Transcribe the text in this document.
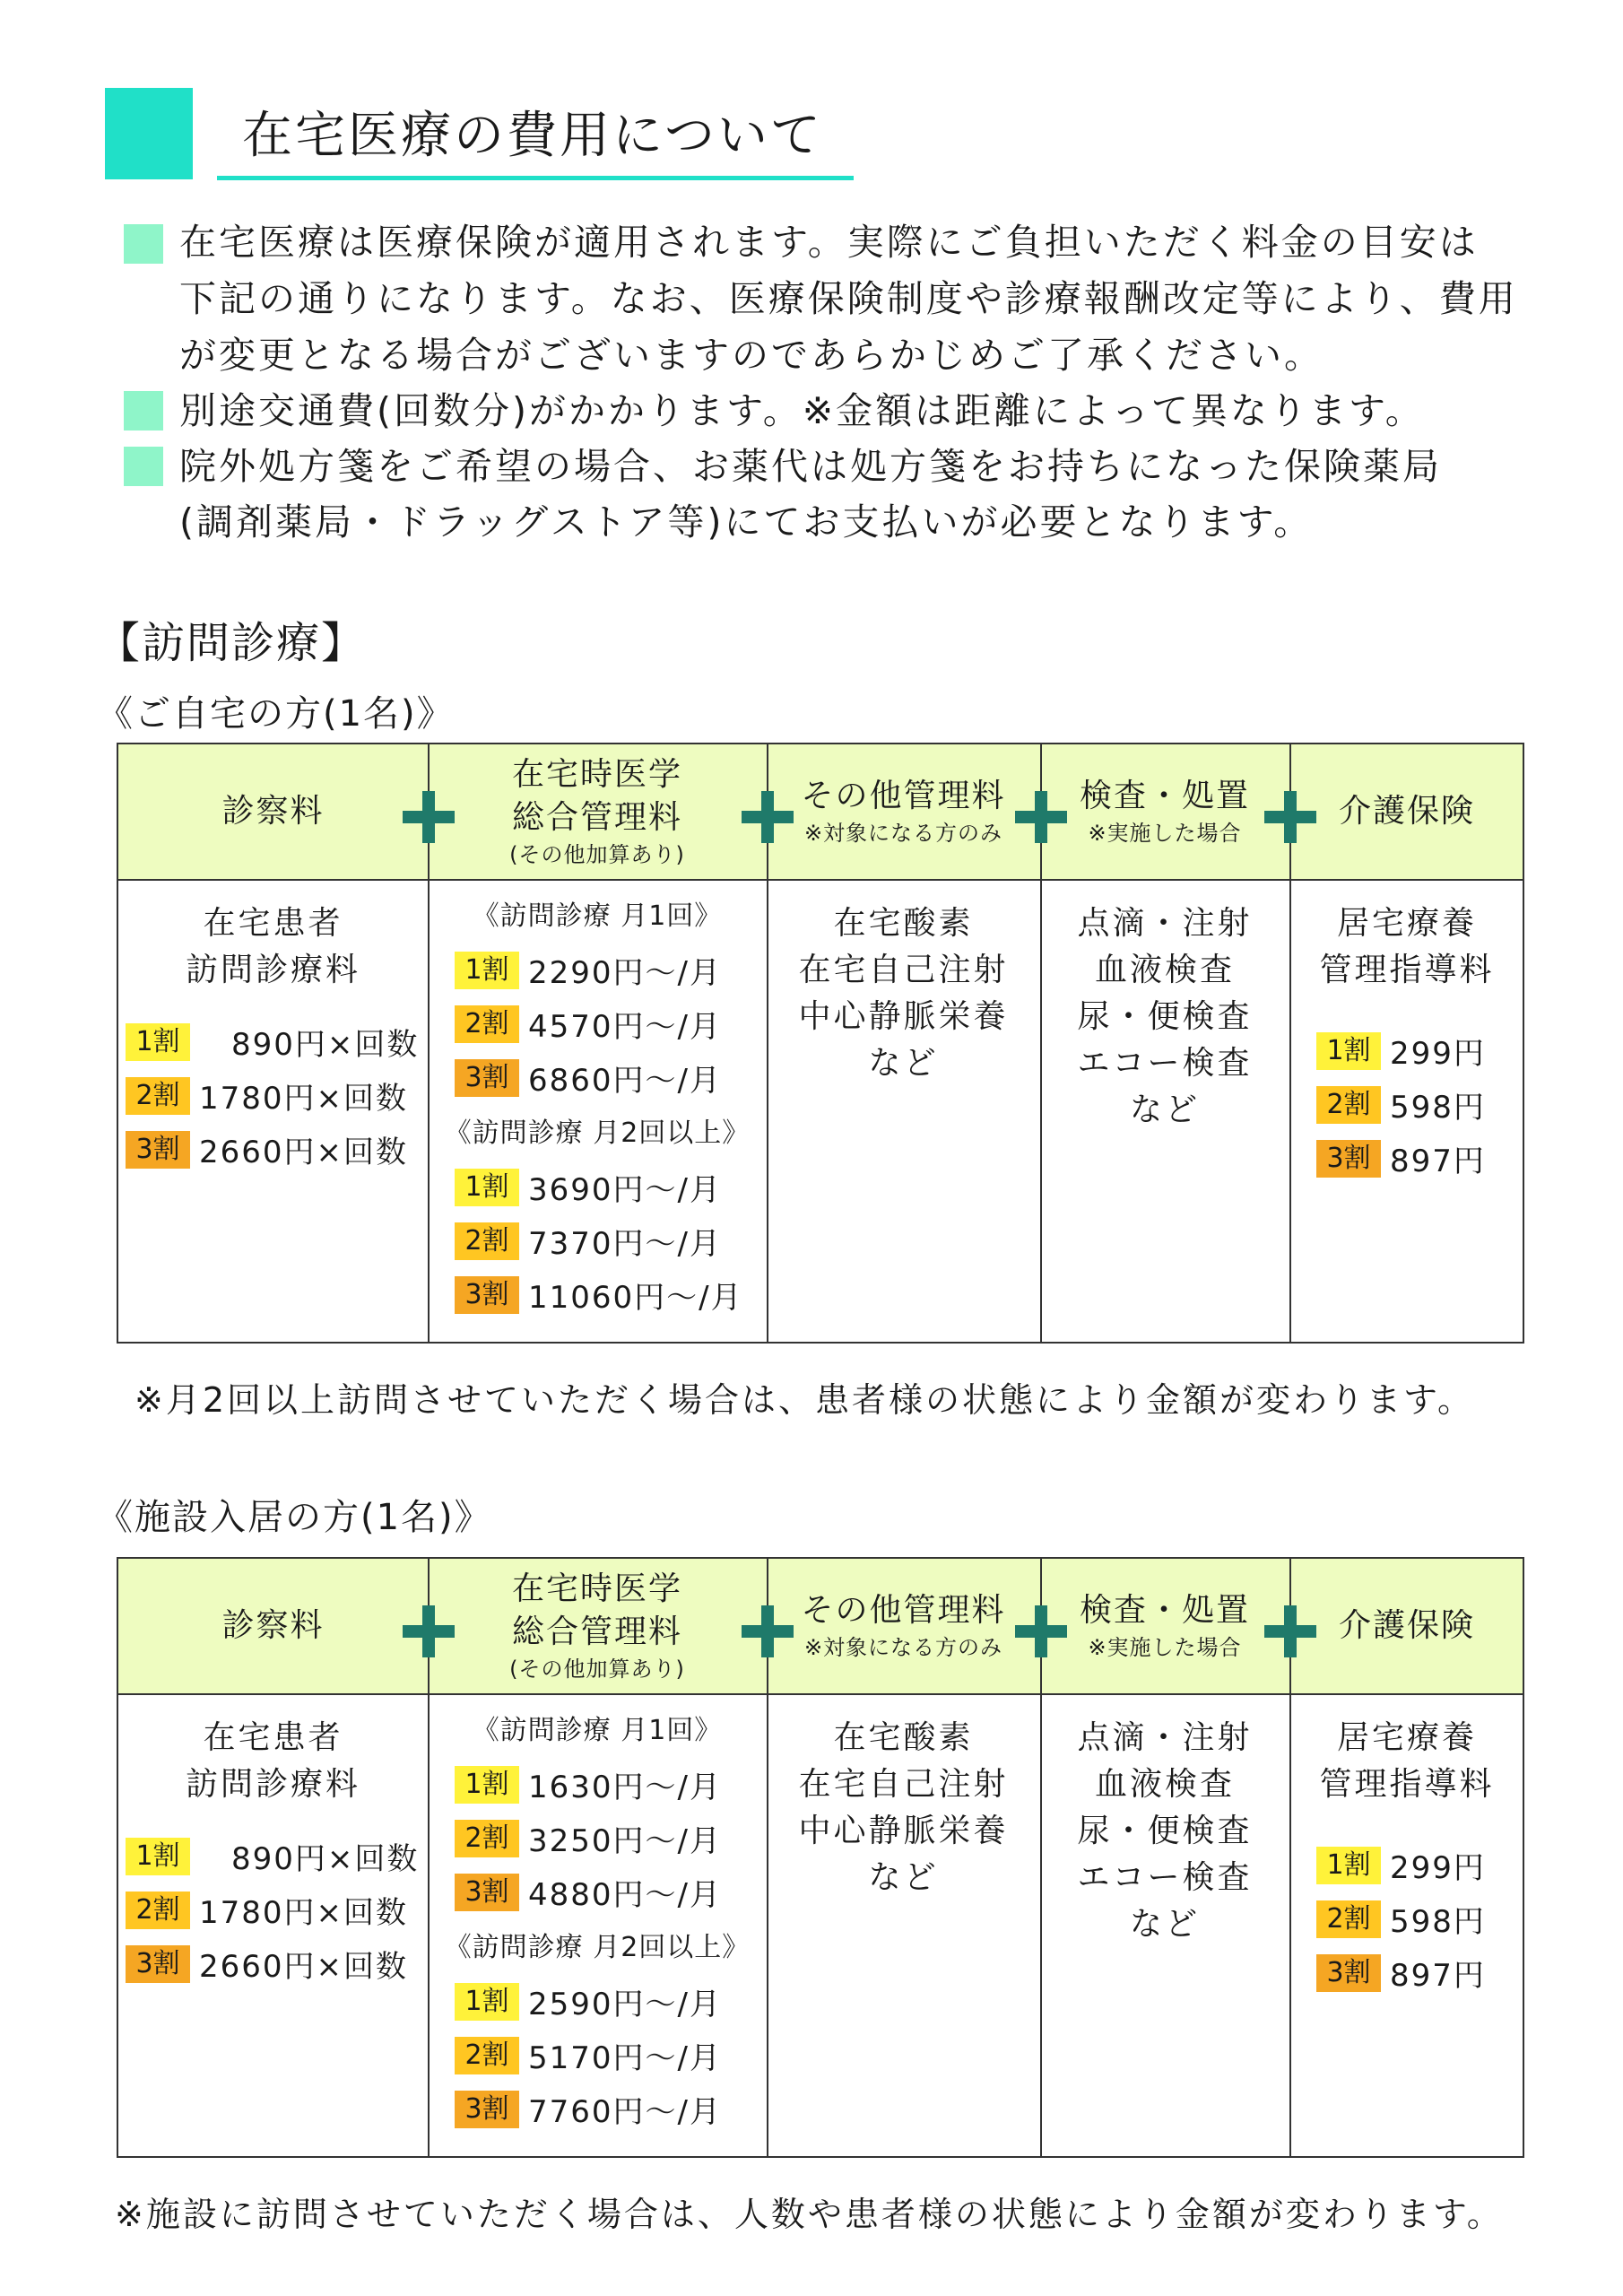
在宅医療の費用について
在宅医療は医療保険が適用されます。実際にご負担いただく料金の目安は
下記の通りになります。なお、医療保険制度や診療報酬改定等により、費用
が変更となる場合がございますのであらかじめご了承ください。
別途交通費(回数分)がかかります。※金額は距離によって異なります。
院外処方箋をご希望の場合、お薬代は処方箋をお持ちになった保険薬局
(調剤薬局・ドラッグストア等)にてお支払いが必要となります。
【訪問診療】
《ご自宅の方(1名)》
診察料
在宅時医学
総合管理料
(その他加算あり)
その他管理料
※対象になる方のみ
検査・処置
※実施した場合
介護保険
在宅患者
訪問診療料
1割 　890円×回数
2割 1780円×回数
3割 2660円×回数
《訪問診療 月1回》
1割 2290円～/月
2割 4570円～/月
3割 6860円～/月
《訪問診療 月2回以上》
1割 3690円～/月
2割 7370円～/月
3割 11060円～/月
在宅酸素
在宅自己注射
中心静脈栄養
など
点滴・注射
血液検査
尿・便検査
エコー検査
など
居宅療養
管理指導料
1割 299円
2割 598円
3割 897円
※月2回以上訪問させていただく場合は、患者様の状態により金額が変わります。
《施設入居の方(1名)》
診察料
在宅時医学
総合管理料
(その他加算あり)
その他管理料
※対象になる方のみ
検査・処置
※実施した場合
介護保険
在宅患者
訪問診療料
1割 　890円×回数
2割 1780円×回数
3割 2660円×回数
《訪問診療 月1回》
1割 1630円～/月
2割 3250円～/月
3割 4880円～/月
《訪問診療 月2回以上》
1割 2590円～/月
2割 5170円～/月
3割 7760円～/月
在宅酸素
在宅自己注射
中心静脈栄養
など
点滴・注射
血液検査
尿・便検査
エコー検査
など
居宅療養
管理指導料
1割 299円
2割 598円
3割 897円
※施設に訪問させていただく場合は、人数や患者様の状態により金額が変わります。
